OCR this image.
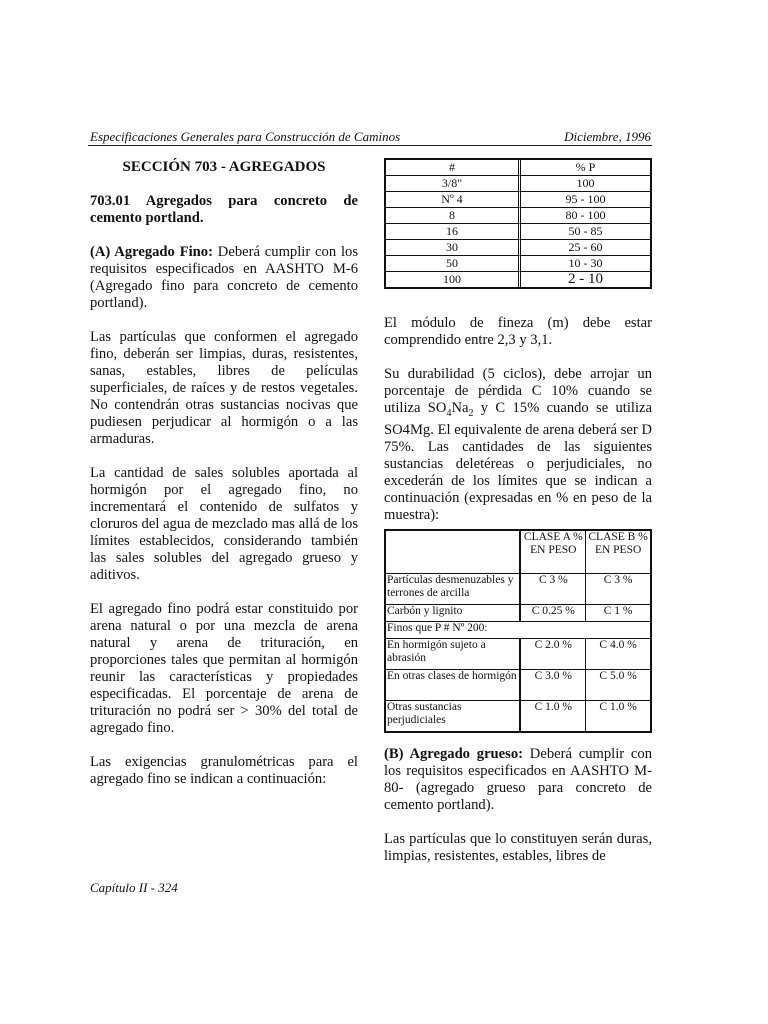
Especificaciones Generales para Construcción de Caminos	Diciembre, 1996

SECCIÓN 703 - AGREGADOS

703.01 Agregados para concreto de cemento portland.

(A) Agregado Fino: Deberá cumplir con los requisitos especificados en AASHTO M-6 (Agregado fino para concreto de cemento portland).

Las partículas que conformen el agregado fino, deberán ser limpias, duras, resistentes, sanas, estables, libres de películas superficiales, de raíces y de restos vegetales. No contendrán otras sustancias nocivas que pudiesen perjudicar al hormigón o a las armaduras.

La cantidad de sales solubles aportada al hormigón por el agregado fino, no incrementará el contenido de sulfatos y cloruros del agua de mezclado mas allá de los límites establecidos, considerando también las sales solubles del agregado grueso y aditivos.

El agregado fino podrá estar constituido por arena natural o por una mezcla de arena natural y arena de trituración, en proporciones tales que permitan al hormigón reunir las características y propiedades especificadas. El porcentaje de arena de trituración no podrá ser > 30% del total de agregado fino.

Las exigencias granulométricas para el agregado fino se indican a continuación:

#	% P
3/8"	100
Nº 4	95 - 100
8	80 - 100
16	50 - 85
30	25 - 60
50	10 - 30
100	2 - 10

El módulo de fineza (m) debe estar comprendido entre 2,3 y 3,1.

Su durabilidad (5 ciclos), debe arrojar un porcentaje de pérdida C 10% cuando se utiliza $SO_4Na_2$ y C 15% cuando se utiliza SO4Mg. El equivalente de arena deberá ser D 75%. Las cantidades de las siguientes sustancias deletéreas o perjudiciales, no excederán de los límites que se indican a continuación (expresadas en % en peso de la muestra):

	CLASE A % EN PESO	CLASE B % EN PESO
Partículas desmenuzables y terrones de arcilla	C 3 %	C 3 %
Carbón y lignito	C 0.25 %	C 1 %
Finos que P # Nº 200:		
En hormigón sujeto a abrasión	C 2.0 %	C 4.0 %
En otras clases de hormigón	C 3.0 %	C 5.0 %
Otras sustancias perjudiciales	C 1.0 %	C 1.0 %

(B) Agregado grueso: Deberá cumplir con los requisitos especificados en AASHTO M-80- (agregado grueso para concreto de cemento portland).

Las partículas que lo constituyen serán duras, limpias, resistentes, estables, libres de

Capítulo II - 324
